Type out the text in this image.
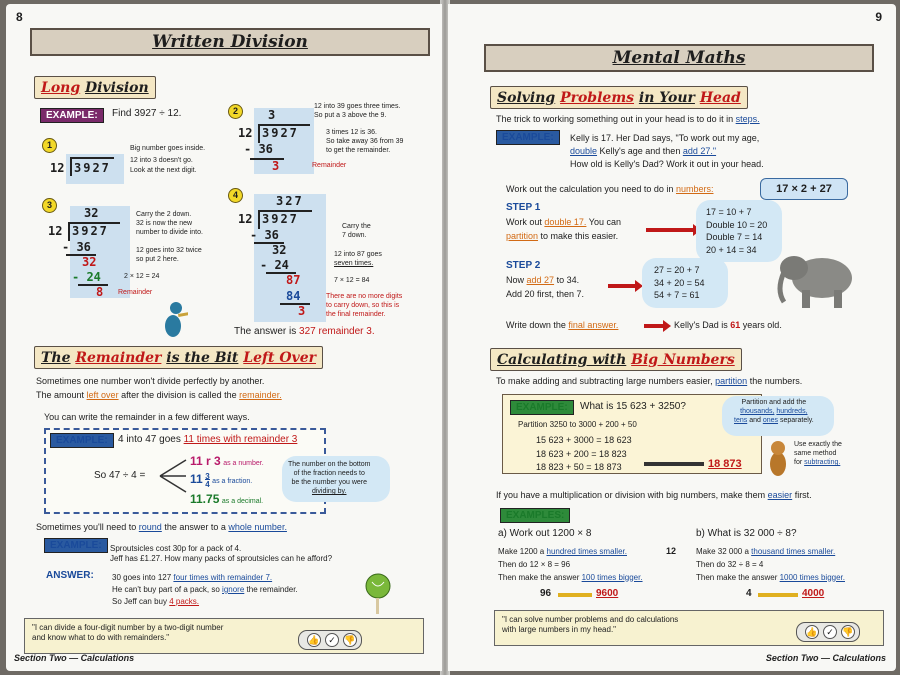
8
Written Division
Long Division
EXAMPLE:	Find 3927 ÷ 12.
1
12 3927
Big number goes inside.
12 into 3 doesn't go.
Look at the next digit.
2	3
12 3927
- 36
3
12 into 39 goes three times.
So put a 3 above the 9.
3 times 12 is 36.
So take away 36 from 39
to get the remainder.
Remainder
3
32
12 3927
- 36
32
- 24
8
Carry the 2 down.
32 is now the new
number to divide into.
12 goes into 32 twice
so put 2 here.
2 × 12 = 24
Remainder
4	327
12 3927
- 36
32
- 24
87
84
3
Carry the
7 down.
12 into 87 goes
seven times.
7 × 12 = 84
There are no more digits
to carry down, so this is
the final remainder.
The answer is 327 remainder 3.
The Remainder is the Bit Left Over
Sometimes one number won't divide perfectly by another.
The amount left over after the division is called the remainder.
You can write the remainder in a few different ways.
EXAMPLE:	4 into 47 goes 11 times with remainder 3
So 47 ÷ 4 =
11 r 3 as a number.
$11 \frac{3}{4}$ as a fraction.
11.75 as a decimal.
The number on the bottom
of the fraction needs to
be the number you were
dividing by.
Sometimes you'll need to round the answer to a whole number.
EXAMPLE:	Sproutsicles cost 30p for a pack of 4.
Jeff has £1.27. How many packs of sproutsicles can he afford?
ANSWER: 30 goes into 127 four times with remainder 7.
He can't buy part of a pack, so ignore the remainder.
So Jeff can buy 4 packs.
"I can divide a four-digit number by a two-digit number
and know what to do with remainders."	👍 ✓ 👎
Section Two — Calculations
9
Mental Maths
Solving Problems in Your Head
The trick to working something out in your head is to do it in steps.
EXAMPLE:	Kelly is 17. Her Dad says, "To work out my age,
double Kelly's age and then add 27."
How old is Kelly's Dad? Work it out in your head.
Work out the calculation you need to do in numbers:	17 × 2 + 27
STEP 1
Work out double 17. You can
partition to make this easier.
17 = 10 + 7
Double 10 = 20
Double 7 = 14
20 + 14 = 34
STEP 2
Now add 27 to 34.
Add 20 first, then 7.
27 = 20 + 7
34 + 20 = 54
54 + 7 = 61
Write down the final answer.	Kelly's Dad is 61 years old.
Calculating with Big Numbers
To make adding and subtracting large numbers easier, partition the numbers.
EXAMPLE:	What is 15 623 + 3250?
Partition 3250 to 3000 + 200 + 50
15 623 + 3000 = 18 623
18 623 + 200 = 18 823
18 823 + 50 = 18 873	18 873
Partition and add the
thousands, hundreds,
tens and ones separately.
Use exactly the
same method
for subtracting.
If you have a multiplication or division with big numbers, make them easier first.
EXAMPLES:
a) Work out 1200 × 8
Make 1200 a hundred times smaller.
Then do 12 × 8 = 96
Then make the answer 100 times bigger.
12
96	9600
b) What is 32 000 ÷ 8?
Make 32 000 a thousand times smaller.
Then do 32 ÷ 8 = 4
Then make the answer 1000 times bigger.
4	4000
"I can solve number problems and do calculations
with large numbers in my head."	👍 ✓ 👎
Section Two — Calculations
